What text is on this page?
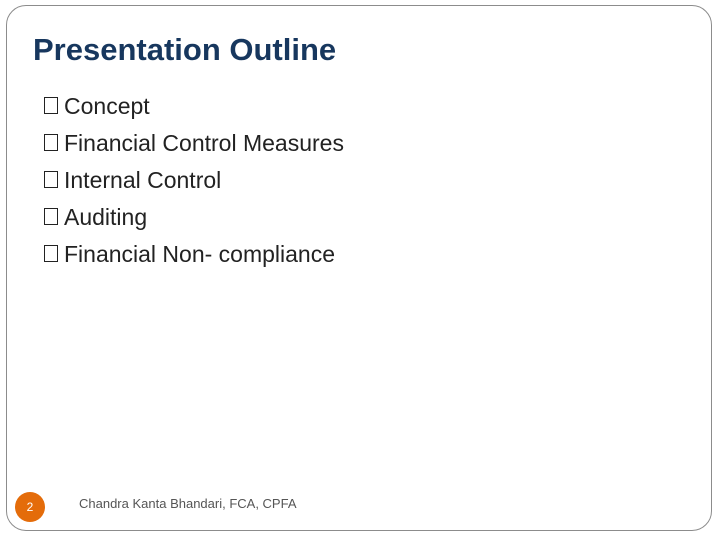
Presentation Outline
Concept
Financial Control Measures
Internal Control
Auditing
Financial Non- compliance
2	Chandra Kanta Bhandari, FCA, CPFA
